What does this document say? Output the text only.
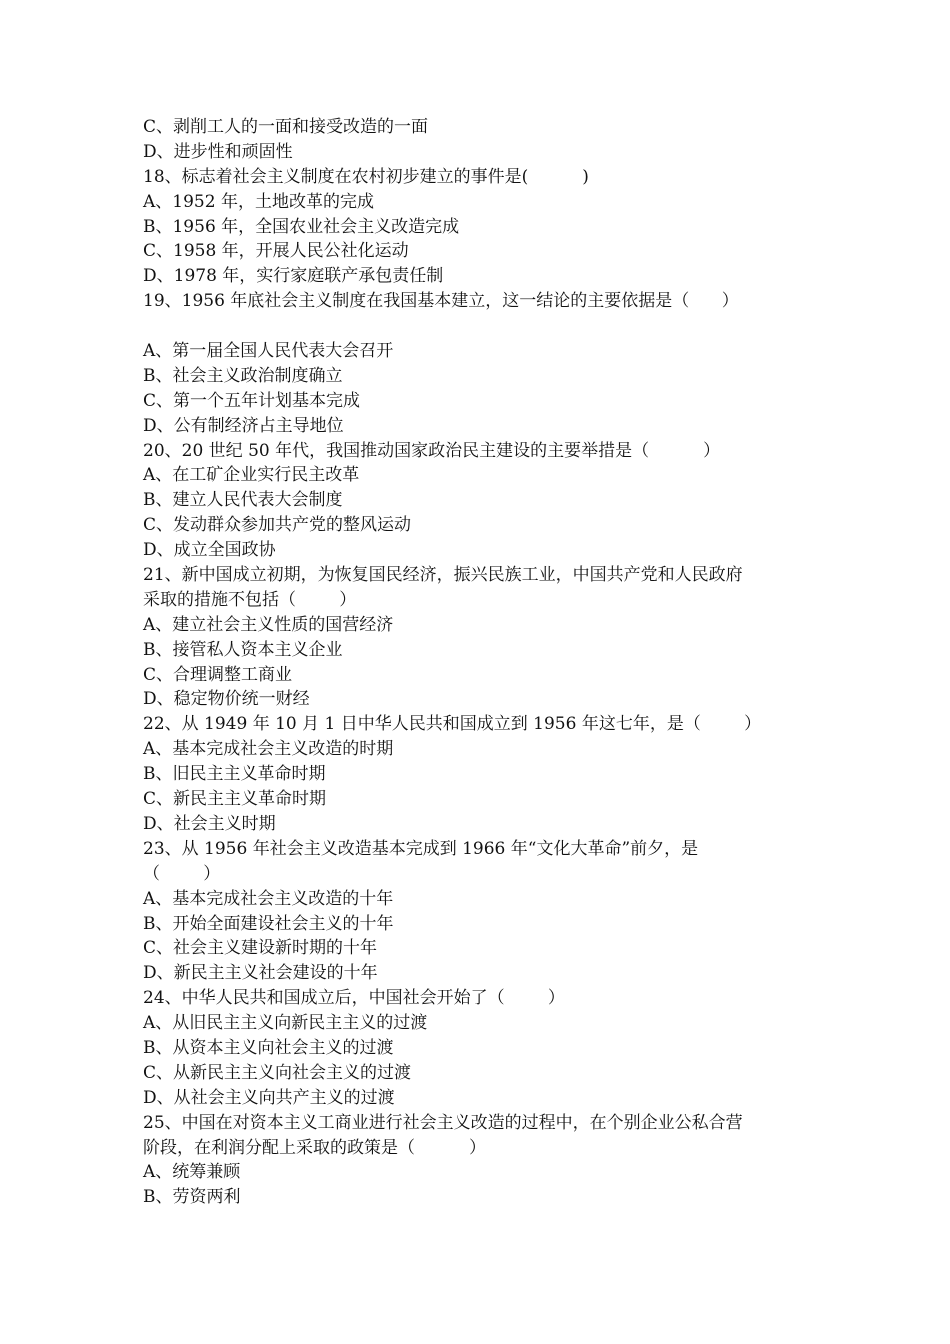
C、剥削工人的一面和接受改造的一面
D、进步性和顽固性
18、标志着社会主义制度在农村初步建立的事件是(          )
A、1952 年，土地改革的完成
B、1956 年，全国农业社会主义改造完成
C、1958 年，开展人民公社化运动
D、1978 年，实行家庭联产承包责任制
19、1956 年底社会主义制度在我国基本建立，这一结论的主要依据是（      ）
A、第一届全国人民代表大会召开
B、社会主义政治制度确立
C、第一个五年计划基本完成
D、公有制经济占主导地位
20、20 世纪 50 年代，我国推动国家政治民主建设的主要举措是（          ）
A、在工矿企业实行民主改革
B、建立人民代表大会制度
C、发动群众参加共产党的整风运动
D、成立全国政协
21、新中国成立初期，为恢复国民经济，振兴民族工业，中国共产党和人民政府
采取的措施不包括（        ）
A、建立社会主义性质的国营经济
B、接管私人资本主义企业
C、合理调整工商业
D、稳定物价统一财经
22、从 1949 年 10 月 1 日中华人民共和国成立到 1956 年这七年，是（        ）
A、基本完成社会主义改造的时期
B、旧民主主义革命时期
C、新民主主义革命时期
D、社会主义时期
23、从 1956 年社会主义改造基本完成到 1966 年“文化大革命”前夕，是
（        ）
A、基本完成社会主义改造的十年
B、开始全面建设社会主义的十年
C、社会主义建设新时期的十年
D、新民主主义社会建设的十年
24、中华人民共和国成立后，中国社会开始了（        ）
A、从旧民主主义向新民主主义的过渡
B、从资本主义向社会主义的过渡
C、从新民主主义向社会主义的过渡
D、从社会主义向共产主义的过渡
25、中国在对资本主义工商业进行社会主义改造的过程中，在个别企业公私合营
阶段，在利润分配上采取的政策是（          ）
A、统筹兼顾
B、劳资两利
